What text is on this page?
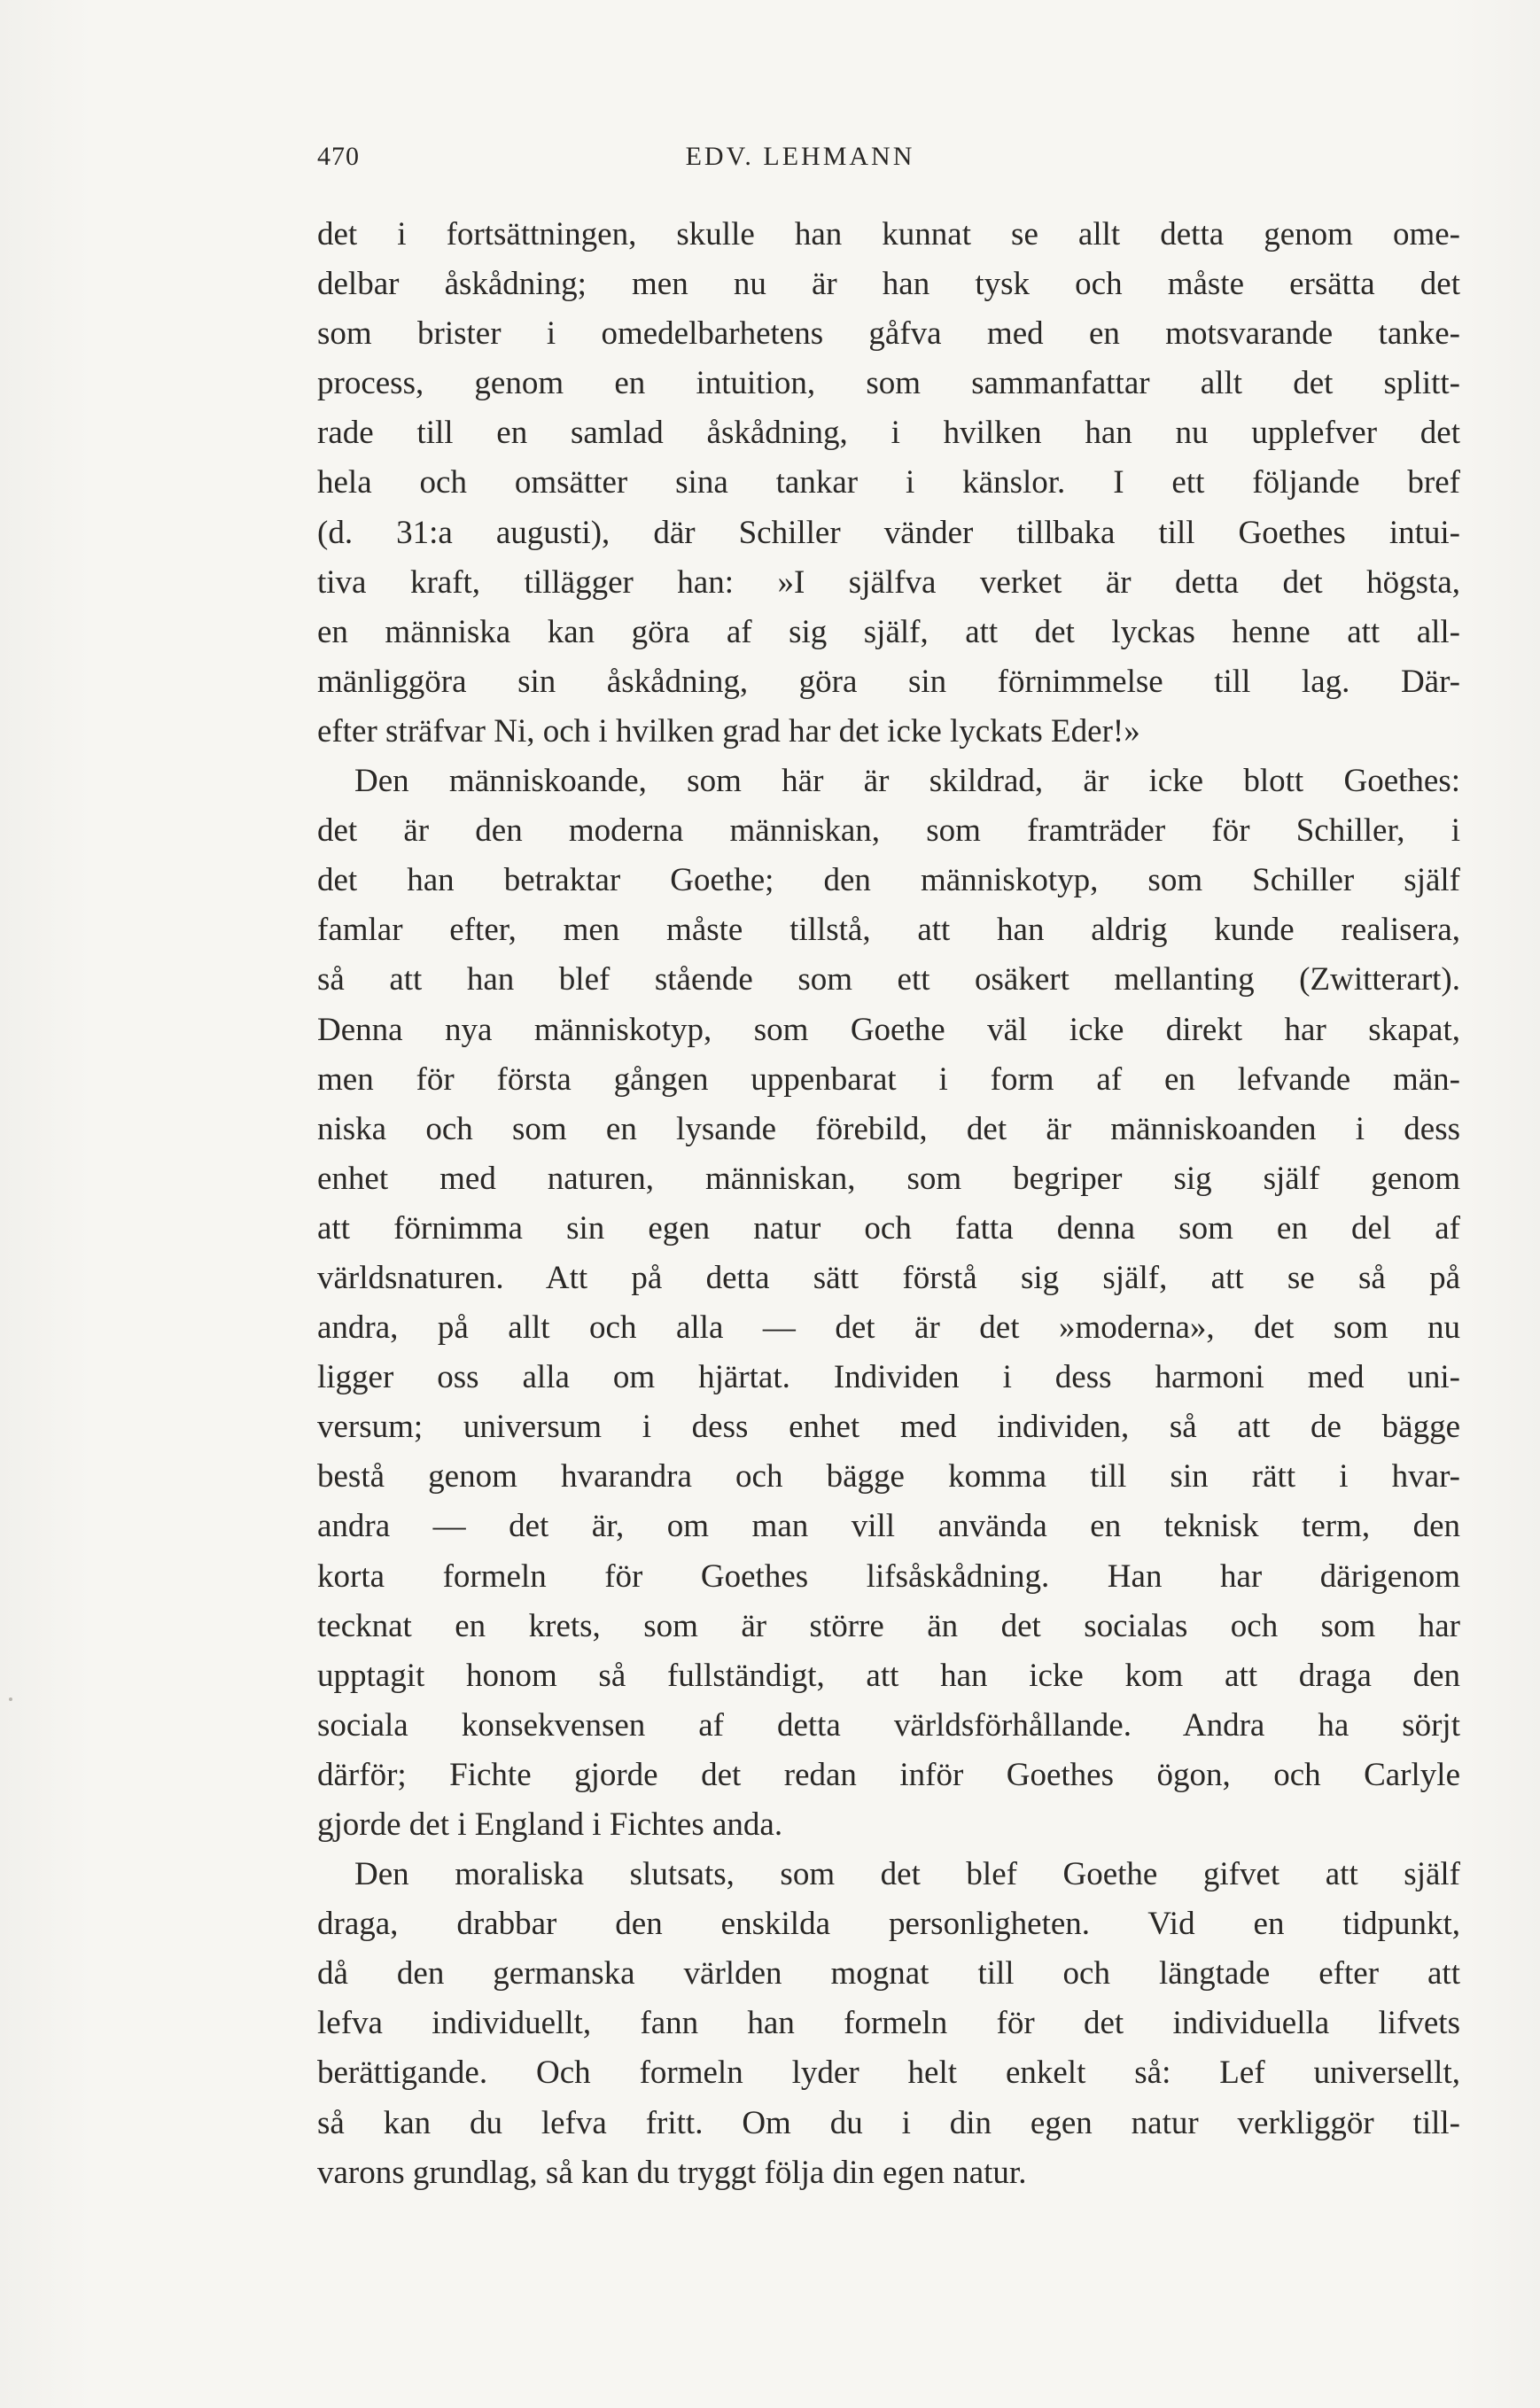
470	EDV. LEHMANN
det i fortsättningen, skulle han kunnat se allt detta genom ome-
delbar åskådning; men nu är han tysk och måste ersätta det
som brister i omedelbarhetens gåfva med en motsvarande tanke-
process, genom en intuition, som sammanfattar allt det splitt-
rade till en samlad åskådning, i hvilken han nu upplefver det
hela och omsätter sina tankar i känslor. I ett följande bref
(d. 31:a augusti), där Schiller vänder tillbaka till Goethes intui-
tiva kraft, tillägger han: »I själfva verket är detta det högsta,
en människa kan göra af sig själf, att det lyckas henne att all-
mänliggöra sin åskådning, göra sin förnimmelse till lag. Där-
efter sträfvar Ni, och i hvilken grad har det icke lyckats Eder!»
Den människoande, som här är skildrad, är icke blott Goethes:
det är den moderna människan, som framträder för Schiller, i
det han betraktar Goethe; den människotyp, som Schiller själf
famlar efter, men måste tillstå, att han aldrig kunde realisera,
så att han blef stående som ett osäkert mellanting (Zwitterart).
Denna nya människotyp, som Goethe väl icke direkt har skapat,
men för första gången uppenbarat i form af en lefvande män-
niska och som en lysande förebild, det är människoanden i dess
enhet med naturen, människan, som begriper sig själf genom
att förnimma sin egen natur och fatta denna som en del af
världsnaturen. Att på detta sätt förstå sig själf, att se så på
andra, på allt och alla — det är det »moderna», det som nu
ligger oss alla om hjärtat. Individen i dess harmoni med uni-
versum; universum i dess enhet med individen, så att de bägge
bestå genom hvarandra och bägge komma till sin rätt i hvar-
andra — det är, om man vill använda en teknisk term, den
korta formeln för Goethes lifsåskådning. Han har därigenom
tecknat en krets, som är större än det socialas och som har
upptagit honom så fullständigt, att han icke kom att draga den
sociala konsekvensen af detta världsförhållande. Andra ha sörjt
därför; Fichte gjorde det redan inför Goethes ögon, och Carlyle
gjorde det i England i Fichtes anda.
Den moraliska slutsats, som det blef Goethe gifvet att själf
draga, drabbar den enskilda personligheten. Vid en tidpunkt,
då den germanska världen mognat till och längtade efter att
lefva individuellt, fann han formeln för det individuella lifvets
berättigande. Och formeln lyder helt enkelt så: Lef universellt,
så kan du lefva fritt. Om du i din egen natur verkliggör till-
varons grundlag, så kan du tryggt följa din egen natur.
